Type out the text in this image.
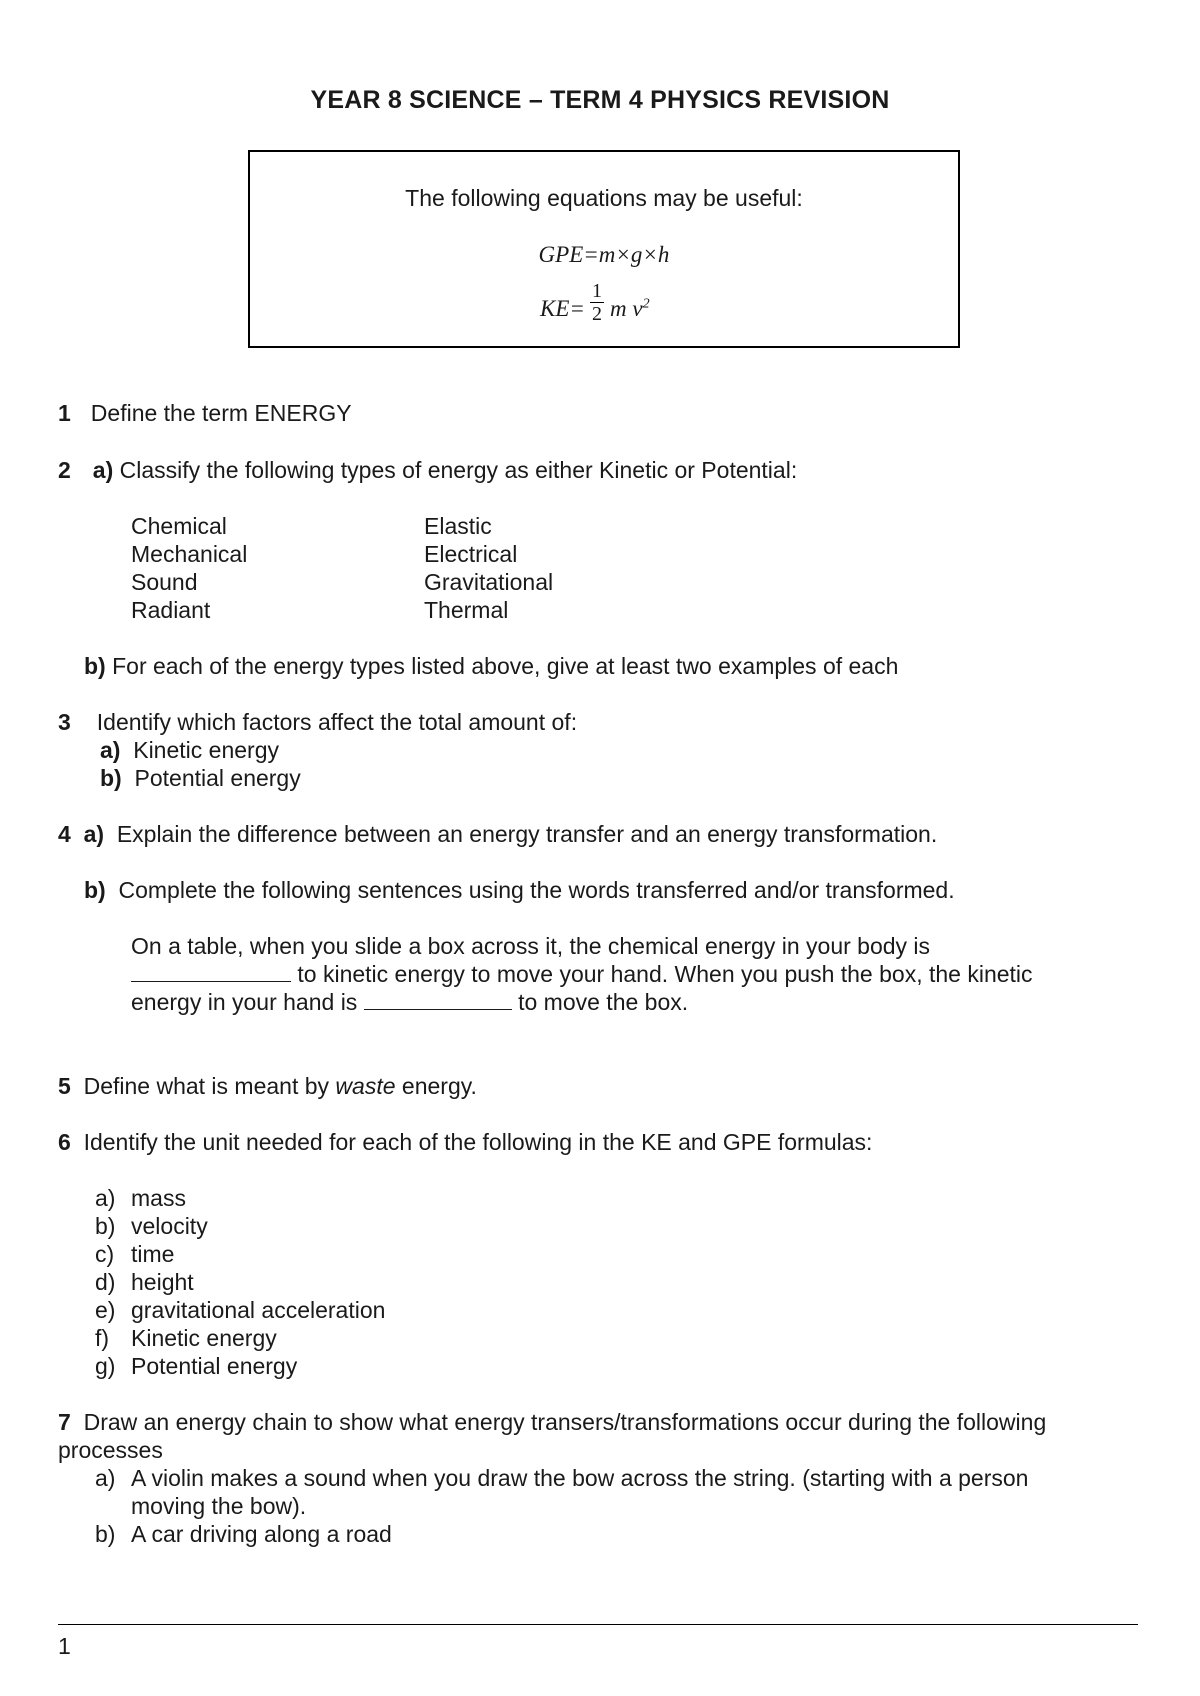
YEAR 8 SCIENCE – TERM 4 PHYSICS REVISION
The following equations may be useful:
GPE=m×g×h
$KE= \frac{1}{2}$ m $v^2$
1 Define the term ENERGY
2 a) Classify the following types of energy as either Kinetic or Potential:
Chemical
Mechanical
Sound
Radiant
Elastic
Electrical
Gravitational
Thermal
b) For each of the energy types listed above, give at least two examples of each
3 Identify which factors affect the total amount of:
a) Kinetic energy
b) Potential energy
4 a) Explain the difference between an energy transfer and an energy transformation.
b) Complete the following sentences using the words transferred and/or transformed.
On a table, when you slide a box across it, the chemical energy in your body is
to kinetic energy to move your hand. When you push the box, the kinetic
energy in your hand is	to move the box.
5 Define what is meant by waste energy.
6 Identify the unit needed for each of the following in the KE and GPE formulas:
a) mass
b) velocity
c) time
d) height
e) gravitational acceleration
f) Kinetic energy
g) Potential energy
7 Draw an energy chain to show what energy transers/transformations occur during the following
processes
a) A violin makes a sound when you draw the bow across the string. (starting with a person
moving the bow).
b) A car driving along a road
1
